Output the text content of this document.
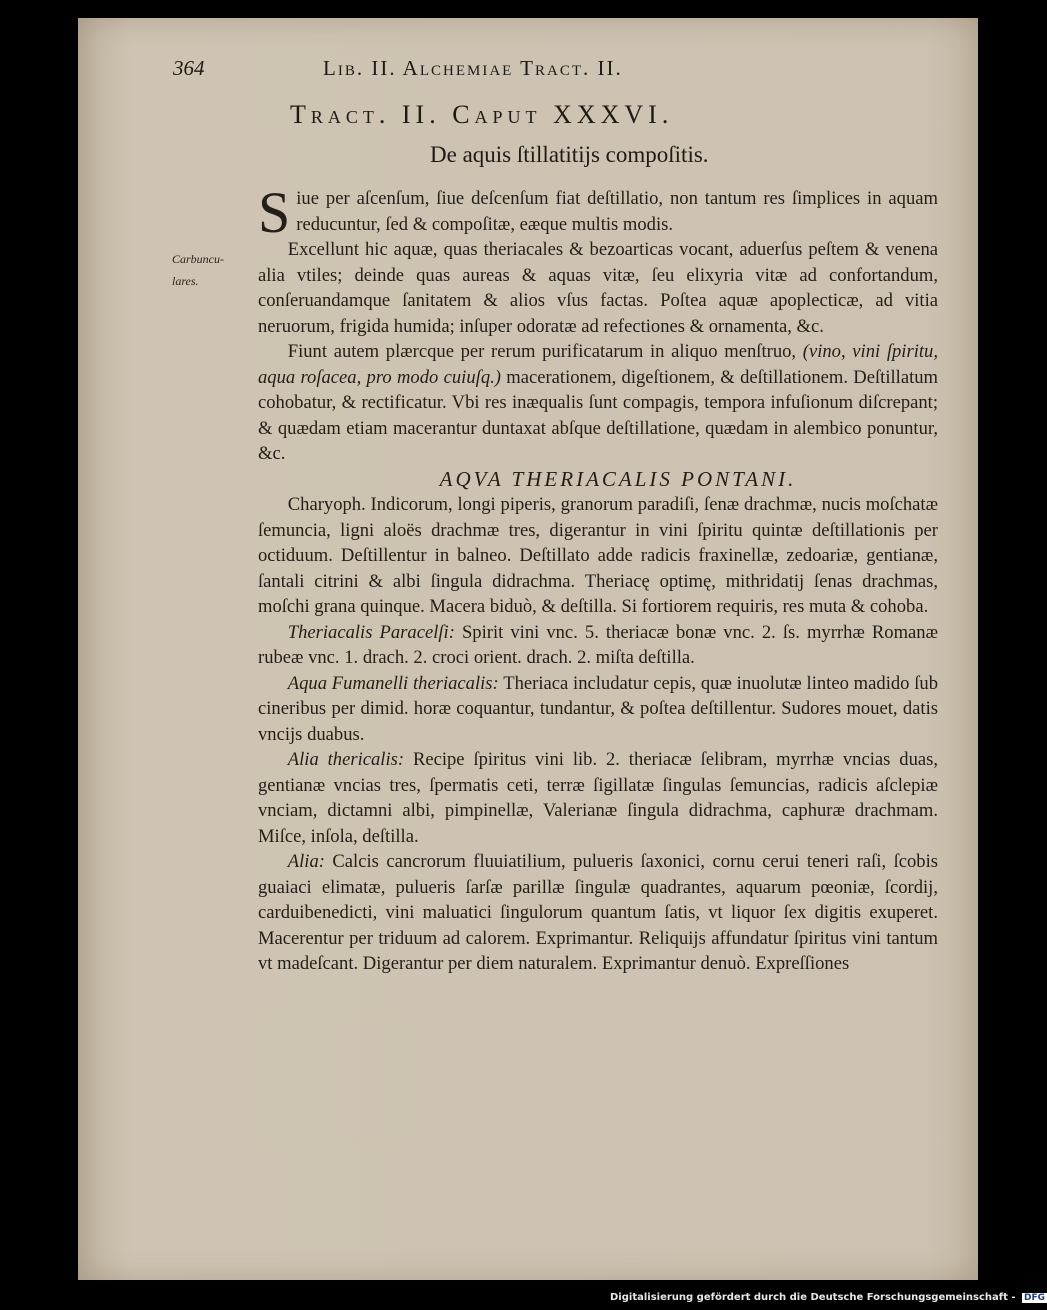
364	Lib. II. Alchemiae Tract. II.
Tract. II. Caput XXXVI.
De aquis ſtillatitijs compoſitis.
Carbuncu-lares.

Siue per aſcenſum, ſiue deſcenſum fiat deſtillatio, non tantum res ſimplices in aquam reducuntur, ſed & compoſitæ, eæque multis modis.

Excellunt hic aquæ, quas theriacales & bezoarticas vocant, aduerſus peſtem & venena alia vtiles; deinde quas aureas & aquas vitæ, ſeu elixyria vitæ ad confortandum, conſeruandamque ſanitatem & alios vſus factas. Poſtea aquæ apoplecticæ, ad vitia neruorum, frigida humida; inſuper odoratæ ad refectiones & ornamenta, &c.

Fiunt autem plærcque per rerum purificatarum in aliquo menſtruo, (vino, vini ſpiritu, aqua roſacea, pro modo cuiuſq.) macerationem, digeſtionem, & deſtillationem. Deſtillatum cohobatur, & rectificatur. Vbi res inæqualis ſunt compagis, tempora infuſionum diſcrepant; & quædam etiam macerantur duntaxat abſque deſtillatione, quædam in alembico ponuntur, &c.

AQVA THERIACALIS PONTANI.

Charyoph. Indicorum, longi piperis, granorum paradiſi, ſenæ drachmæ, nucis moſchatæ ſemuncia, ligni aloës drachmæ tres, digerantur in vini ſpiritu quintæ deſtillationis per octiduum. Deſtillentur in balneo. Deſtillato adde radicis fraxinellæ, zedoariæ, gentianæ, ſantali citrini & albi ſingula didrachma. Theriacę optimę, mithridatij ſenas drachmas, moſchi grana quinque. Macera biduò, & deſtilla. Si fortiorem requiris, res muta & cohoba.

Theriacalis Paracelſi: Spirit vini vnc. 5. theriacæ bonæ vnc. 2. ſs. myrrhæ Romanæ rubeæ vnc. 1. drach. 2. croci orient. drach. 2. miſta deſtilla.

Aqua Fumanelli theriacalis: Theriaca includatur cepis, quæ inuolutæ linteo madido ſub cineribus per dimid. horæ coquantur, tundantur, & poſtea deſtillentur. Sudores mouet, datis vncijs duabus.

Alia thericalis: Recipe ſpiritus vini lib. 2. theriacæ ſelibram, myrrhæ vncias duas, gentianæ vncias tres, ſpermatis ceti, terræ ſigillatæ ſingulas ſemuncias, radicis aſclepiæ vnciam, dictamni albi, pimpinellæ, Valerianæ ſingula didrachma, caphuræ drachmam. Miſce, inſola, deſtilla.

Alia: Calcis cancrorum fluuiatilium, pulueris ſaxonici, cornu cerui teneri raſi, ſcobis guaiaci elimatæ, pulueris ſarſæ parillæ ſingulæ quadrantes, aquarum pœoniæ, ſcordij, carduibenedicti, vini maluatici ſingulorum quantum ſatis, vt liquor ſex digitis exuperet. Macerentur per triduum ad calorem. Exprimantur. Reliquijs affundatur ſpiritus vini tantum vt madeſcant. Digerantur per diem naturalem. Exprimantur denuò. Expreſſiones

Digitalisierung gefördert durch die Deutsche Forschungsgemeinschaft - DFG
